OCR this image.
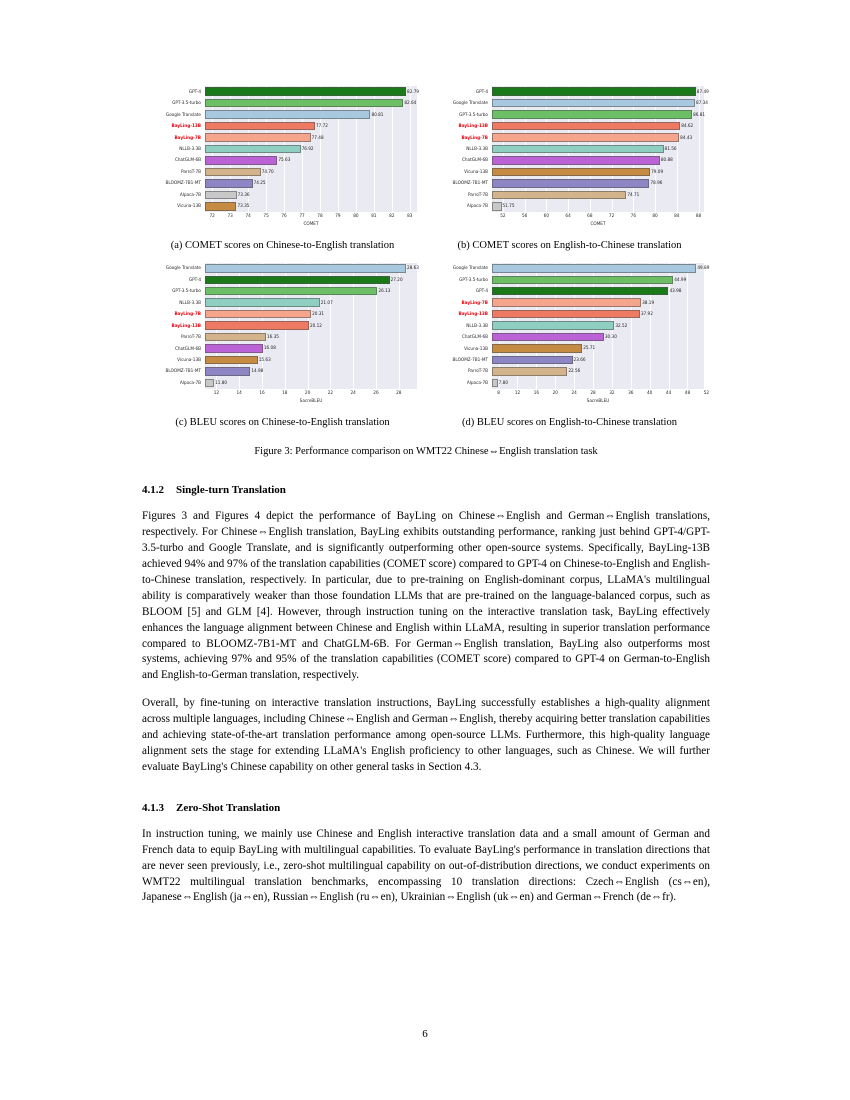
72	73	74	75	76	77	78	79	80	81	82	83
GPT-4
GPT-3.5-turbo
Google Translate
BayLing-13B
BayLing-7B
NLLB-3.3B
ChatGLM-6B
ParroT-7B
BLOOMZ-7B1-MT
Alpaca-7B
Vicuna-13B
82.79
82.64
80.81
77.72
77.48
76.92
75.63
74.70
74.25
73.36
73.35
COMET
(a) COMET scores on Chinese-to-English translation
52	56	60	64	68	72	76	80	84	88
GPT-4
Google Translate
GPT-3.5-turbo
BayLing-13B
BayLing-7B
NLLB-3.3B
ChatGLM-6B
Vicuna-13B
BLOOMZ-7B1-MT
ParroT-7B
Alpaca-7B
87.49
87.34
86.81
84.62
84.43
81.56
80.88
79.09
78.96
74.71
51.75
COMET
(b) COMET scores on English-to-Chinese translation
12	14	16	18	20	22	24	26	28
Google Translate
GPT-4
GPT-3.5-turbo
NLLB-3.3B
BayLing-7B
BayLing-13B
ParroT-7B
ChatGLM-6B
Vicuna-13B
BLOOMZ-7B1-MT
Alpaca-7B
28.63
27.20
26.13
21.07
20.31
20.12
16.35
16.08
15.63
14.98
11.80
SacreBLEU
(c) BLEU scores on Chinese-to-English translation
8	12	16	20	24	28	32	36	40	44	48	52
Google Translate
GPT-3.5-turbo
GPT-4
BayLing-7B
BayLing-13B
NLLB-3.3B
ChatGLM-6B
Vicuna-13B
BLOOMZ-7B1-MT
ParroT-7B
Alpaca-7B
49.89
44.99
43.98
38.19
37.92
32.52
30.30
25.71
23.66
22.56
7.80
SacreBLEU
(d) BLEU scores on English-to-Chinese translation
Figure 3: Performance comparison on WMT22 Chinese⇔English translation task
4.1.2 Single-turn Translation

Figures 3 and Figures 4 depict the performance of BayLing on Chinese⇔English and German⇔English translations, respectively. For Chinese⇔English translation, BayLing exhibits outstanding performance, ranking just behind GPT-4/GPT-3.5-turbo and Google Translate, and is significantly outperforming other open-source systems. Specifically, BayLing-13B achieved 94% and 97% of the translation capabilities (COMET score) compared to GPT-4 on Chinese-to-English and English-to-Chinese translation, respectively. In particular, due to pre-training on English-dominant corpus, LLaMA's multilingual ability is comparatively weaker than those foundation LLMs that are pre-trained on the language-balanced corpus, such as BLOOM [5] and GLM [4]. However, through instruction tuning on the interactive translation task, BayLing effectively enhances the language alignment between Chinese and English within LLaMA, resulting in superior translation performance compared to BLOOMZ-7B1-MT and ChatGLM-6B. For German⇔English translation, BayLing also outperforms most systems, achieving 97% and 95% of the translation capabilities (COMET score) compared to GPT-4 on German-to-English and English-to-German translation, respectively.

Overall, by fine-tuning on interactive translation instructions, BayLing successfully establishes a high-quality alignment across multiple languages, including Chinese⇔English and German⇔English, thereby acquiring better translation capabilities and achieving state-of-the-art translation performance among open-source LLMs. Furthermore, this high-quality language alignment sets the stage for extending LLaMA's English proficiency to other languages, such as Chinese. We will further evaluate BayLing's Chinese capability on other general tasks in Section 4.3.

4.1.3 Zero-Shot Translation

In instruction tuning, we mainly use Chinese and English interactive translation data and a small amount of German and French data to equip BayLing with multilingual capabilities. To evaluate BayLing's performance in translation directions that are never seen previously, i.e., zero-shot multilingual capability on out-of-distribution directions, we conduct experiments on WMT22 multilingual translation benchmarks, encompassing 10 translation directions: Czech⇔English (cs⇔en), Japanese⇔English (ja⇔en), Russian⇔English (ru⇔en), Ukrainian⇔English (uk⇔en) and German⇔French (de⇔fr).

6
